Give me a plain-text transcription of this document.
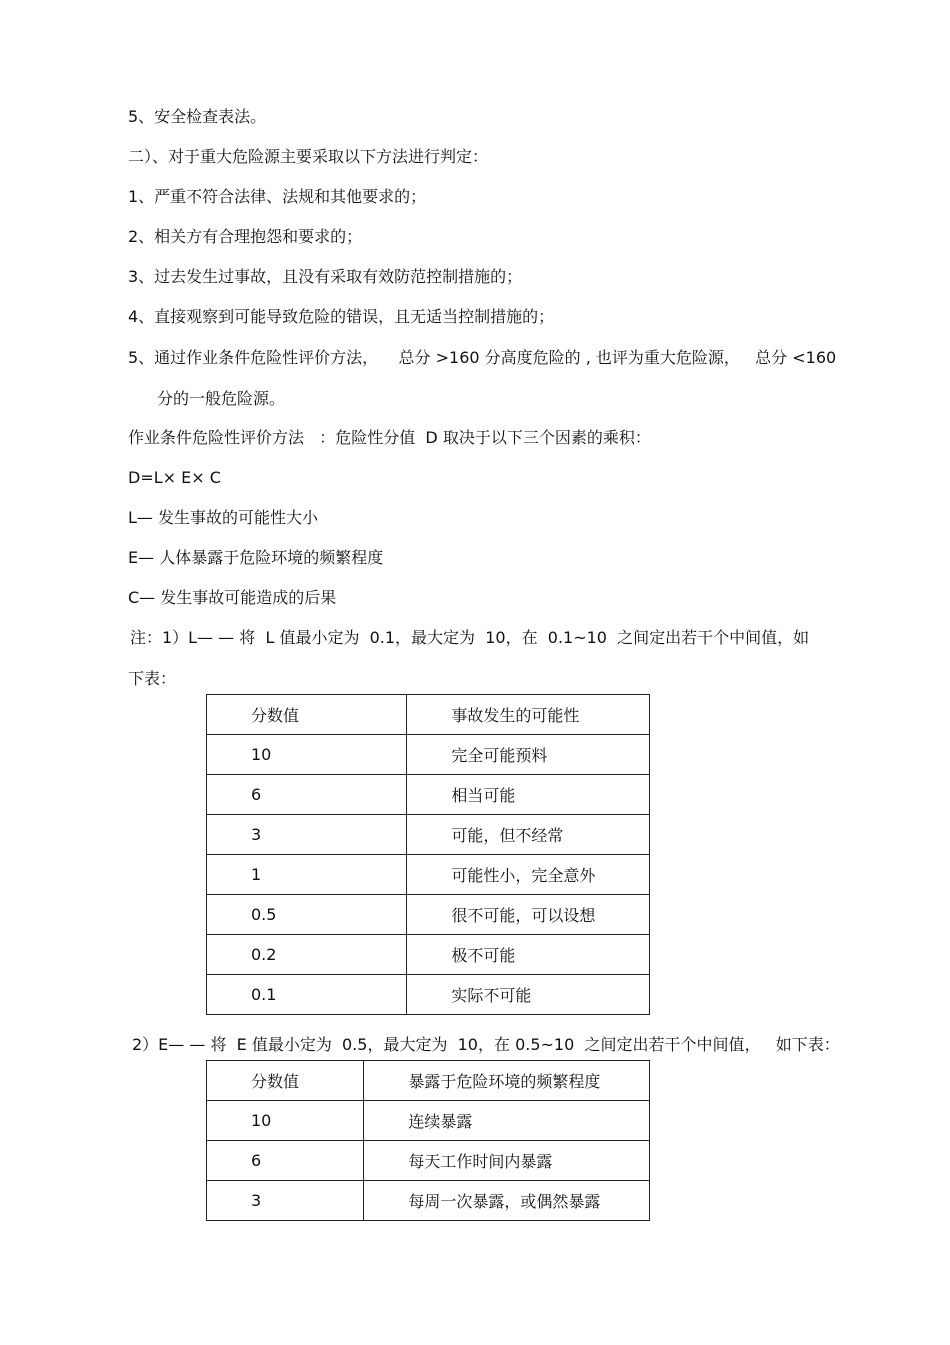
5、安全检查表法。
二）、对于重大危险源主要采取以下方法进行判定：
1、严重不符合法律、法规和其他要求的；
2、相关方有合理抱怨和要求的；
3、过去发生过事故，且没有采取有效防范控制措施的；
4、直接观察到可能导致危险的错误，且无适当控制措施的；
5、通过作业条件危险性评价方法，    总分 >160 分高度危险的 , 也评为重大危险源，   总分 <160
分的一般危险源。
作业条件危险性评价方法   ：危险性分值  D 取决于以下三个因素的乘积：
D=L× E× C
L— 发生事故的可能性大小
E— 人体暴露于危险环境的频繁程度
C— 发生事故可能造成的后果
注：1）L— — 将  L 值最小定为  0.1，最大定为  10，在  0.1~10  之间定出若干个中间值，如
下表：
分数值	事故发生的可能性
10	完全可能预料
6	相当可能
3	可能，但不经常
1	可能性小，完全意外
0.5	很不可能，可以设想
0.2	极不可能
0.1	实际不可能
2）E— — 将  E 值最小定为  0.5，最大定为  10，在 0.5~10  之间定出若干个中间值，   如下表：
分数值	暴露于危险环境的频繁程度
10	连续暴露
6	每天工作时间内暴露
3	每周一次暴露，或偶然暴露
